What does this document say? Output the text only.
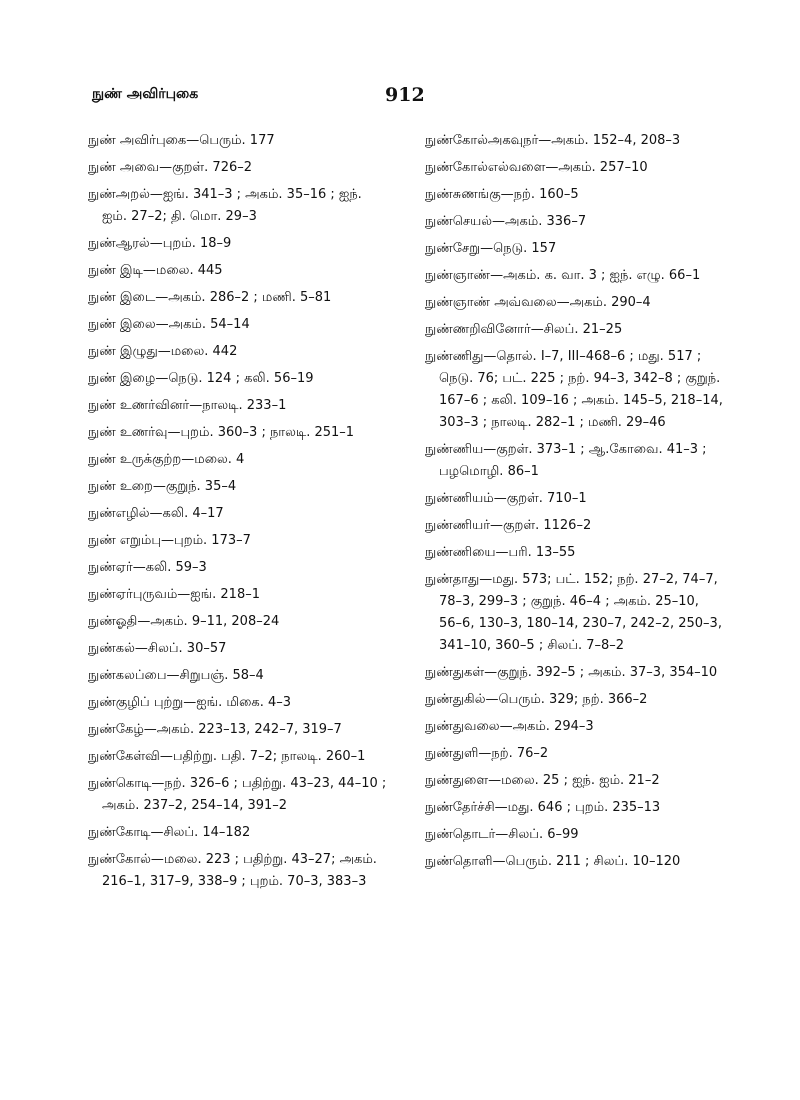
நுண் அவிர்புகை	912
நுண் அவிர்புகை—பெரும். 177
நுண் அவை—குறள். 726–2
நுண்அறல்—ஐங். 341–3 ; அகம். 35–16 ; ஐந். ஐம். 27–2; தி. மொ. 29–3
நுண்ஆரல்—புறம். 18–9
நுண் இடி—மலை. 445
நுண் இடை—அகம். 286–2 ; மணி. 5–81
நுண் இலை—அகம். 54–14
நுண் இழுது—மலை. 442
நுண் இழை—நெடு. 124 ; கலி. 56–19
நுண் உணர்வினர்—நாலடி. 233–1
நுண் உணர்வு—புறம். 360–3 ; நாலடி. 251–1
நுண் உருக்குற்ற—மலை. 4
நுண் உறை—குறுந். 35–4
நுண்எழில்—கலி. 4–17
நுண் எறும்பு—புறம். 173–7
நுண்ஏர்—கலி. 59–3
நுண்ஏர்புருவம்—ஐங். 218–1
நுண்ஓதி—அகம். 9–11, 208–24
நுண்கல்—சிலப். 30–57
நுண்கலப்பை—சிறுபஞ். 58–4
நுண்குழிப் புற்று—ஐங். மிகை. 4–3
நுண்கேழ்—அகம். 223–13, 242–7, 319–7
நுண்கேள்வி—பதிற்று. பதி. 7–2; நாலடி. 260–1
நுண்கொடி—நற். 326–6 ; பதிற்று. 43–23, 44–10 ; அகம். 237–2, 254–14, 391–2
நுண்கோடி—சிலப். 14–182
நுண்கோல்—மலை. 223 ; பதிற்று. 43–27; அகம். 216–1, 317–9, 338–9 ; புறம். 70–3, 383–3
நுண்கோல்அகவுநர்—அகம். 152–4, 208–3
நுண்கோல்எல்வளை—அகம். 257–10
நுண்சுணங்கு—நற். 160–5
நுண்செயல்—அகம். 336–7
நுண்சேறு—நெடு. 157
நுண்ஞாண்—அகம். க. வா. 3 ; ஐந். எழு. 66–1
நுண்ஞாண் அவ்வலை—அகம். 290–4
நுண்ணறிவினோர்—சிலப். 21–25
நுண்ணிது—தொல். I–7, III–468–6 ; மது. 517 ; நெடு. 76; பட். 225 ; நற். 94–3, 342–8 ; குறுந். 167–6 ; கலி. 109–16 ; அகம். 145–5, 218–14, 303–3 ; நாலடி. 282–1 ; மணி. 29–46
நுண்ணிய—குறள். 373–1 ; ஆ.கோவை. 41–3 ; பழமொழி. 86–1
நுண்ணியம்—குறள். 710–1
நுண்ணியர்—குறள். 1126–2
நுண்ணியை—பரி. 13–55
நுண்தாது—மது. 573; பட். 152; நற். 27–2, 74–7, 78–3, 299–3 ; குறுந். 46–4 ; அகம். 25–10, 56–6, 130–3, 180–14, 230–7, 242–2, 250–3, 341–10, 360–5 ; சிலப். 7–8–2
நுண்துகள்—குறுந். 392–5 ; அகம். 37–3, 354–10
நுண்துகில்—பெரும். 329; நற். 366–2
நுண்துவலை—அகம். 294–3
நுண்துளி—நற். 76–2
நுண்துளை—மலை. 25 ; ஐந். ஐம். 21–2
நுண்தேர்ச்சி—மது. 646 ; புறம். 235–13
நுண்தொடர்—சிலப். 6–99
நுண்தொளி—பெரும். 211 ; சிலப். 10–120
